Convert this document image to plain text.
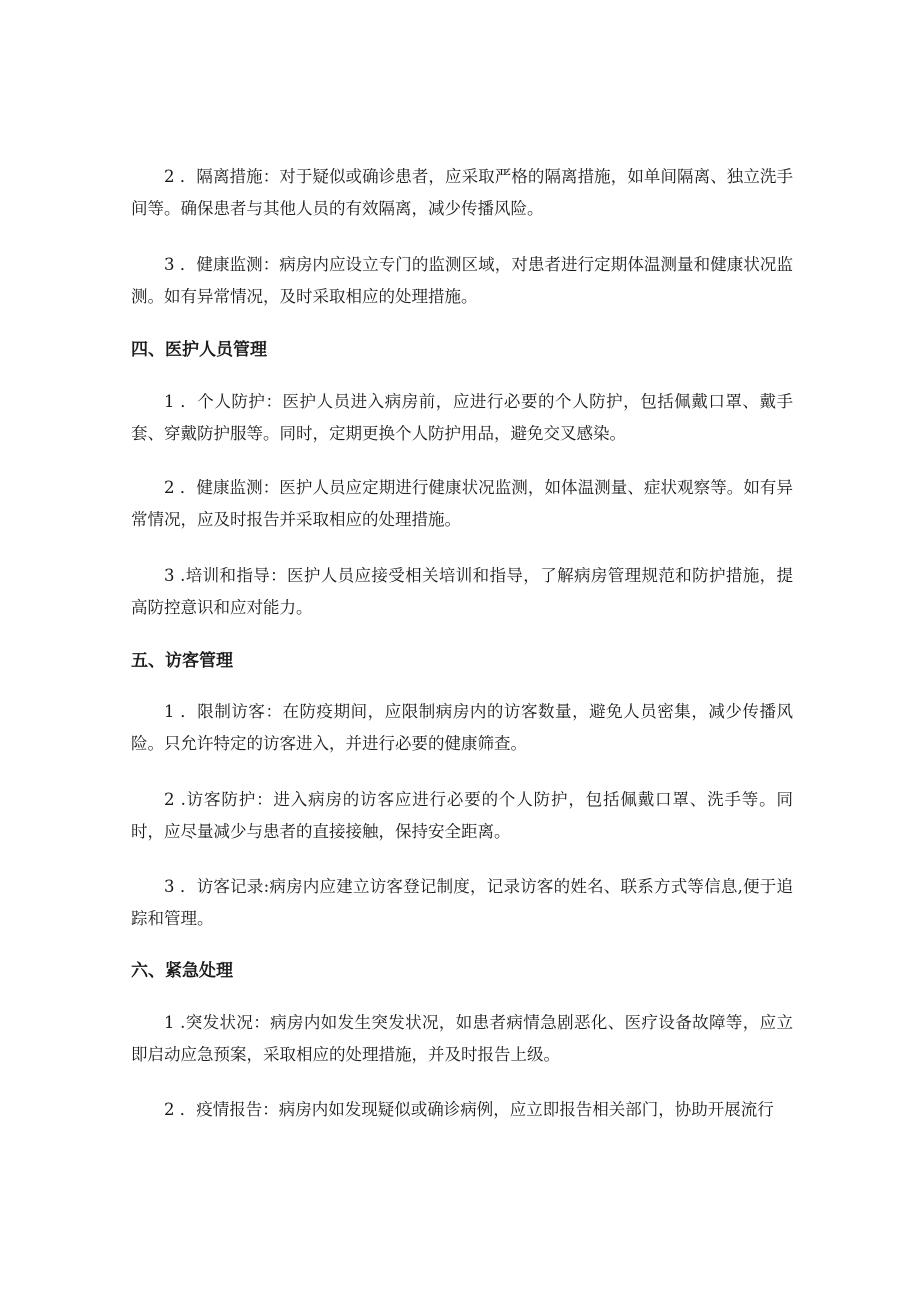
2 ．隔离措施：对于疑似或确诊患者，应采取严格的隔离措施，如单间隔离、独立洗手间等。确保患者与其他人员的有效隔离，减少传播风险。

3 ．健康监测：病房内应设立专门的监测区域，对患者进行定期体温测量和健康状况监测。如有异常情况，及时采取相应的处理措施。

四、医护人员管理

1 ．个人防护：医护人员进入病房前，应进行必要的个人防护，包括佩戴口罩、戴手套、穿戴防护服等。同时，定期更换个人防护用品，避免交叉感染。

2 ．健康监测：医护人员应定期进行健康状况监测，如体温测量、症状观察等。如有异常情况，应及时报告并采取相应的处理措施。

3 .培训和指导：医护人员应接受相关培训和指导，了解病房管理规范和防护措施，提高防控意识和应对能力。

五、访客管理

1 ．限制访客：在防疫期间，应限制病房内的访客数量，避免人员密集，减少传播风险。只允许特定的访客进入，并进行必要的健康筛查。

2 .访客防护：进入病房的访客应进行必要的个人防护，包括佩戴口罩、洗手等。同时，应尽量减少与患者的直接接触，保持安全距离。

3 ．访客记录:病房内应建立访客登记制度，记录访客的姓名、联系方式等信息,便于追踪和管理。

六、紧急处理

1 .突发状况：病房内如发生突发状况，如患者病情急剧恶化、医疗设备故障等，应立即启动应急预案，采取相应的处理措施，并及时报告上级。

2 ．疫情报告：病房内如发现疑似或确诊病例，应立即报告相关部门，协助开展流行
